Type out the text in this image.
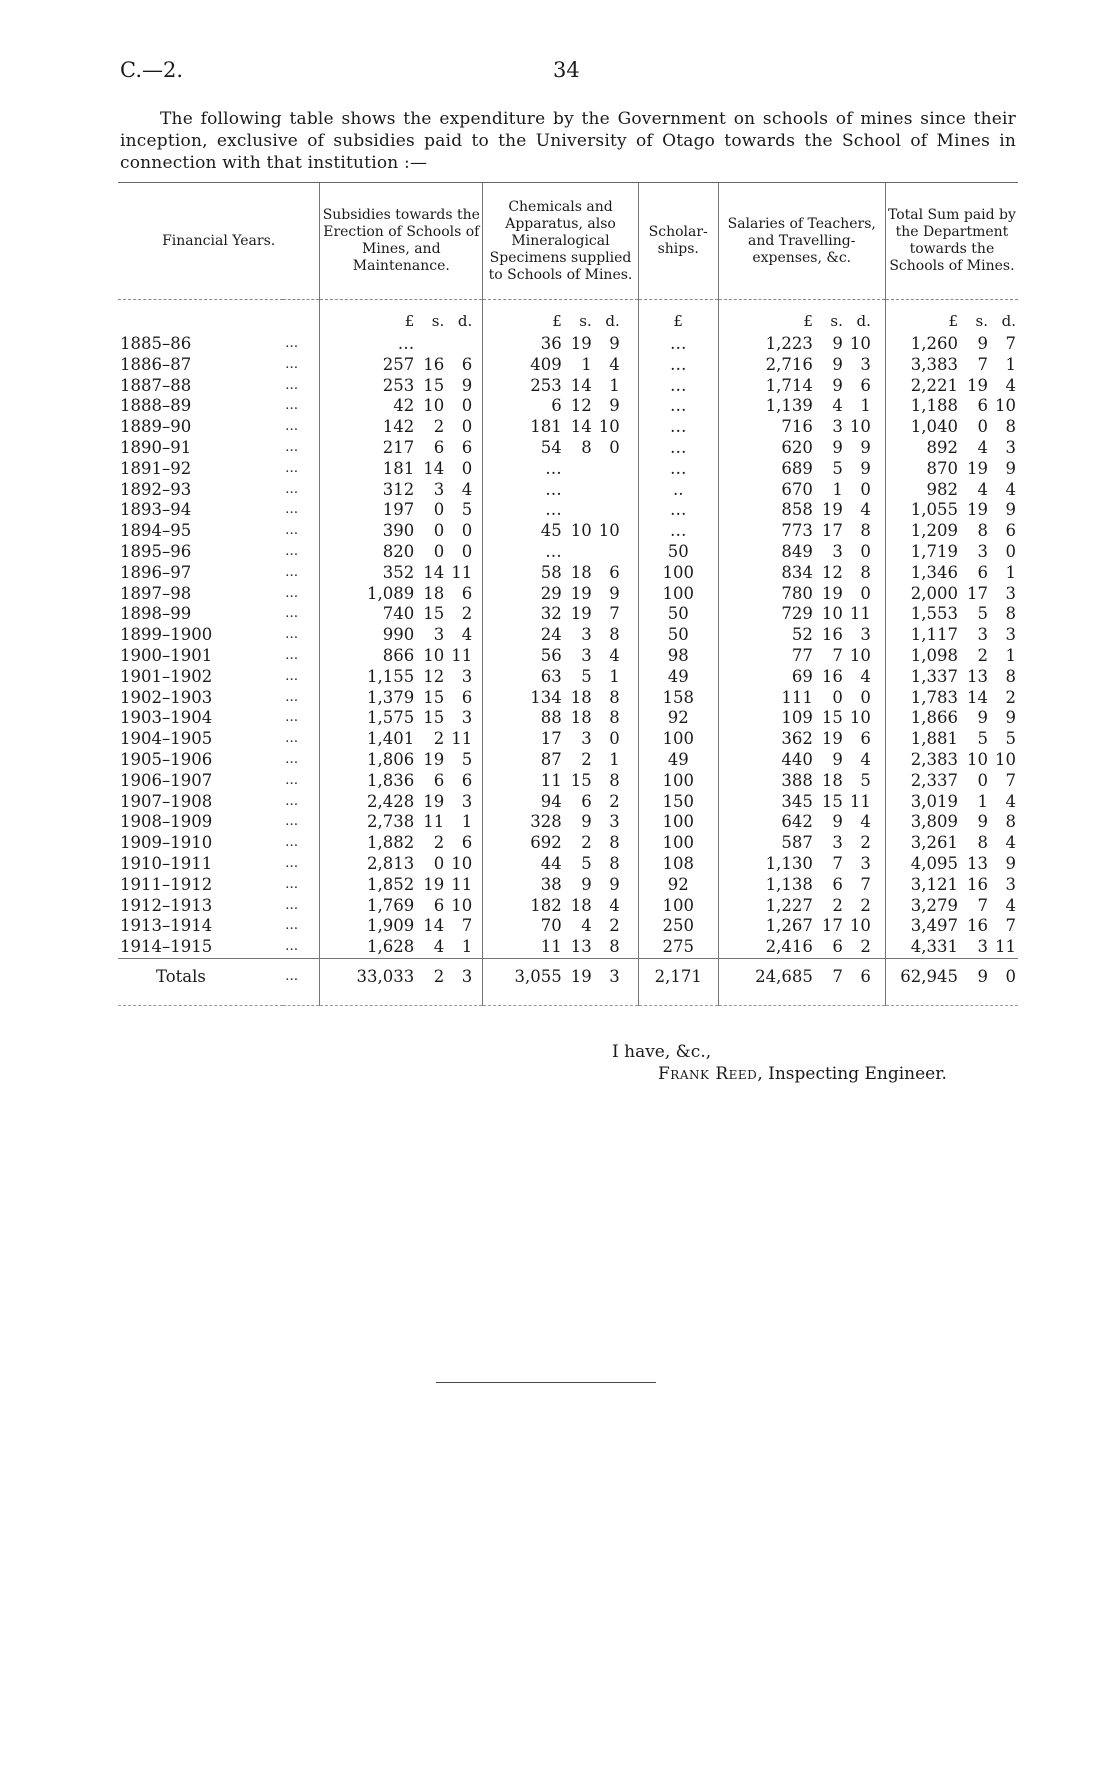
C.—2.	34

The following table shows the expenditure by the Government on schools of mines since their inception, exclusive of subsidies paid to the University of Otago towards the School of Mines in connection with that institution :—

Financial Years.		Subsidies towards the Erection of Schools of Mines, and Maintenance.	Chemicals and Apparatus, also Mineralogical Specimens supplied to Schools of Mines.	Scholar-ships.	Salaries of Teachers, and Travelling-expenses, &c.	Total Sum paid by the Department towards the Schools of Mines.
		£ s. d.	£ s. d.	£	£ s. d.	£ s. d.
1885–86	…	…	36 19 9	…	1,223 9 10	1,260 9 7
1886–87	…	257 16 6	409 1 4	…	2,716 9 3	3,383 7 1
1887–88	…	253 15 9	253 14 1	…	1,714 9 6	2,221 19 4
1888–89	…	42 10 0	6 12 9	…	1,139 4 1	1,188 6 10
1889–90	…	142 2 0	181 14 10	…	716 3 10	1,040 0 8
1890–91	…	217 6 6	54 8 0	…	620 9 9	892 4 3
1891–92	…	181 14 0	…	…	689 5 9	870 19 9
1892–93	…	312 3 4	…	..	670 1 0	982 4 4
1893–94	…	197 0 5	…	…	858 19 4	1,055 19 9
1894–95	…	390 0 0	45 10 10	…	773 17 8	1,209 8 6
1895–96	…	820 0 0	…	50	849 3 0	1,719 3 0
1896–97	…	352 14 11	58 18 6	100	834 12 8	1,346 6 1
1897–98	…	1,089 18 6	29 19 9	100	780 19 0	2,000 17 3
1898–99	…	740 15 2	32 19 7	50	729 10 11	1,553 5 8
1899–1900	…	990 3 4	24 3 8	50	52 16 3	1,117 3 3
1900–1901	…	866 10 11	56 3 4	98	77 7 10	1,098 2 1
1901–1902	…	1,155 12 3	63 5 1	49	69 16 4	1,337 13 8
1902–1903	…	1,379 15 6	134 18 8	158	111 0 0	1,783 14 2
1903–1904	…	1,575 15 3	88 18 8	92	109 15 10	1,866 9 9
1904–1905	…	1,401 2 11	17 3 0	100	362 19 6	1,881 5 5
1905–1906	…	1,806 19 5	87 2 1	49	440 9 4	2,383 10 10
1906–1907	…	1,836 6 6	11 15 8	100	388 18 5	2,337 0 7
1907–1908	…	2,428 19 3	94 6 2	150	345 15 11	3,019 1 4
1908–1909	…	2,738 11 1	328 9 3	100	642 9 4	3,809 9 8
1909–1910	…	1,882 2 6	692 2 8	100	587 3 2	3,261 8 4
1910–1911	…	2,813 0 10	44 5 8	108	1,130 7 3	4,095 13 9
1911–1912	…	1,852 19 11	38 9 9	92	1,138 6 7	3,121 16 3
1912–1913	…	1,769 6 10	182 18 4	100	1,227 2 2	3,279 7 4
1913–1914	…	1,909 14 7	70 4 2	250	1,267 17 10	3,497 16 7
1914–1915	…	1,628 4 1	11 13 8	275	2,416 6 2	4,331 3 11
Totals	…	33,033 2 3	3,055 19 3	2,171	24,685 7 6	62,945 9 0
I have, &c.,
Frank Reed, Inspecting Engineer.
